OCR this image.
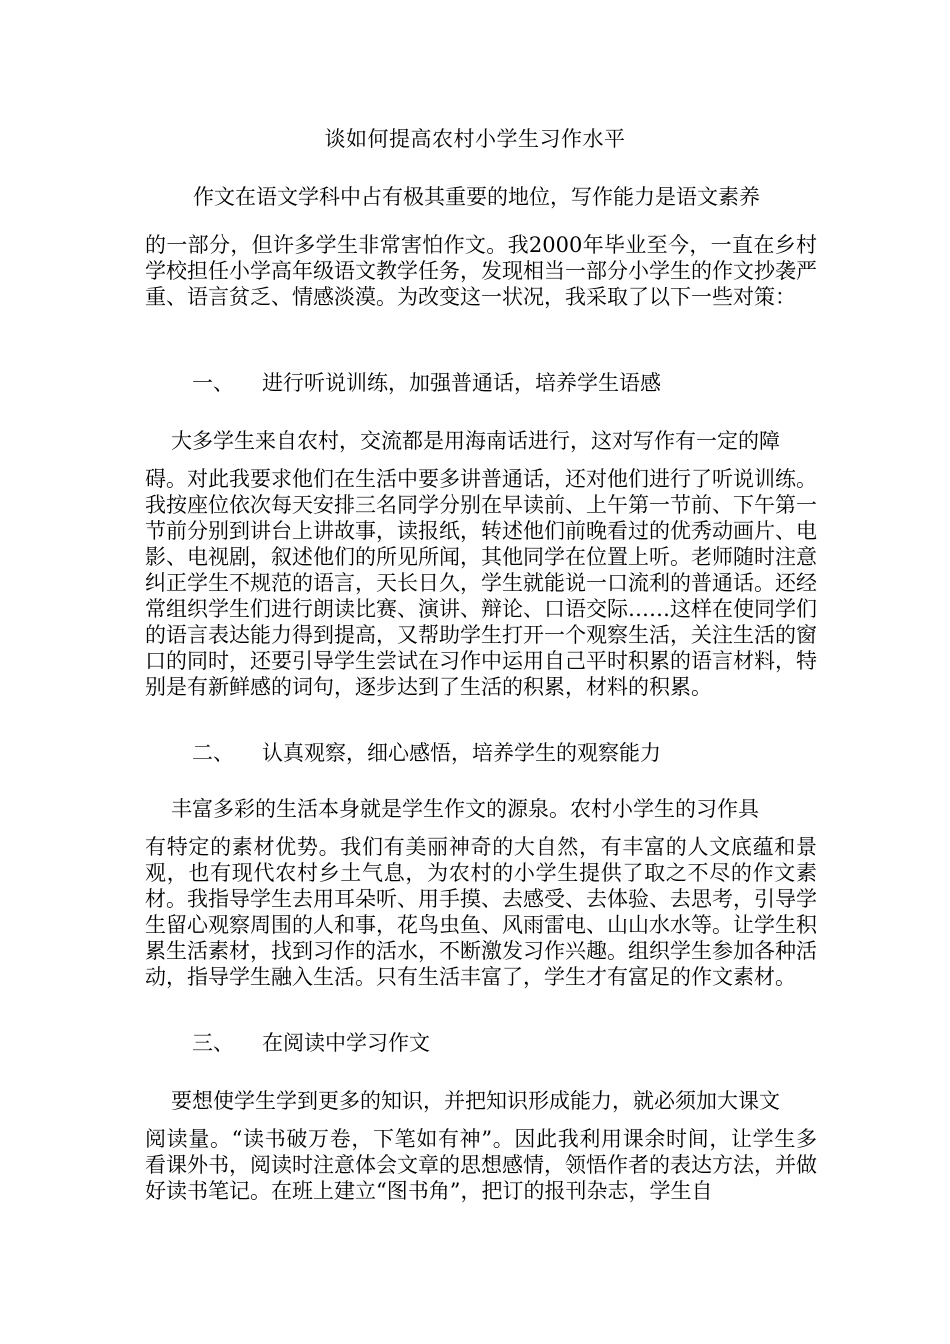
谈如何提高农村小学生习作水平
作文在语文学科中占有极其重要的地位，写作能力是语文素养
的一部分，但许多学生非常害怕作文。我2000年毕业至今，一直在乡村学校担任小学高年级语文教学任务，发现相当一部分小学生的作文抄袭严重、语言贫乏、情感淡漠。为改变这一状况，我采取了以下一些对策：
一、 进行听说训练，加强普通话，培养学生语感
大多学生来自农村，交流都是用海南话进行，这对写作有一定的障
碍。对此我要求他们在生活中要多讲普通话，还对他们进行了听说训练。我按座位依次每天安排三名同学分别在早读前、上午第一节前、下午第一节前分别到讲台上讲故事，读报纸，转述他们前晚看过的优秀动画片、电影、电视剧，叙述他们的所见所闻，其他同学在位置上听。老师随时注意纠正学生不规范的语言，天长日久，学生就能说一口流利的普通话。还经常组织学生们进行朗读比赛、演讲、辩论、口语交际……这样在使同学们的语言表达能力得到提高，又帮助学生打开一个观察生活，关注生活的窗口的同时，还要引导学生尝试在习作中运用自己平时积累的语言材料，特别是有新鲜感的词句，逐步达到了生活的积累，材料的积累。
二、 认真观察，细心感悟，培养学生的观察能力
丰富多彩的生活本身就是学生作文的源泉。农村小学生的习作具
有特定的素材优势。我们有美丽神奇的大自然，有丰富的人文底蕴和景观，也有现代农村乡土气息，为农村的小学生提供了取之不尽的作文素材。我指导学生去用耳朵听、用手摸、去感受、去体验、去思考，引导学生留心观察周围的人和事，花鸟虫鱼、风雨雷电、山山水水等。让学生积累生活素材，找到习作的活水，不断激发习作兴趣。组织学生参加各种活动，指导学生融入生活。只有生活丰富了，学生才有富足的作文素材。
三、 在阅读中学习作文
要想使学生学到更多的知识，并把知识形成能力，就必须加大课文
阅读量。“读书破万卷，下笔如有神”。因此我利用课余时间，让学生多看课外书，阅读时注意体会文章的思想感情，领悟作者的表达方法，并做好读书笔记。在班上建立“图书角”，把订的报刊杂志，学生自
